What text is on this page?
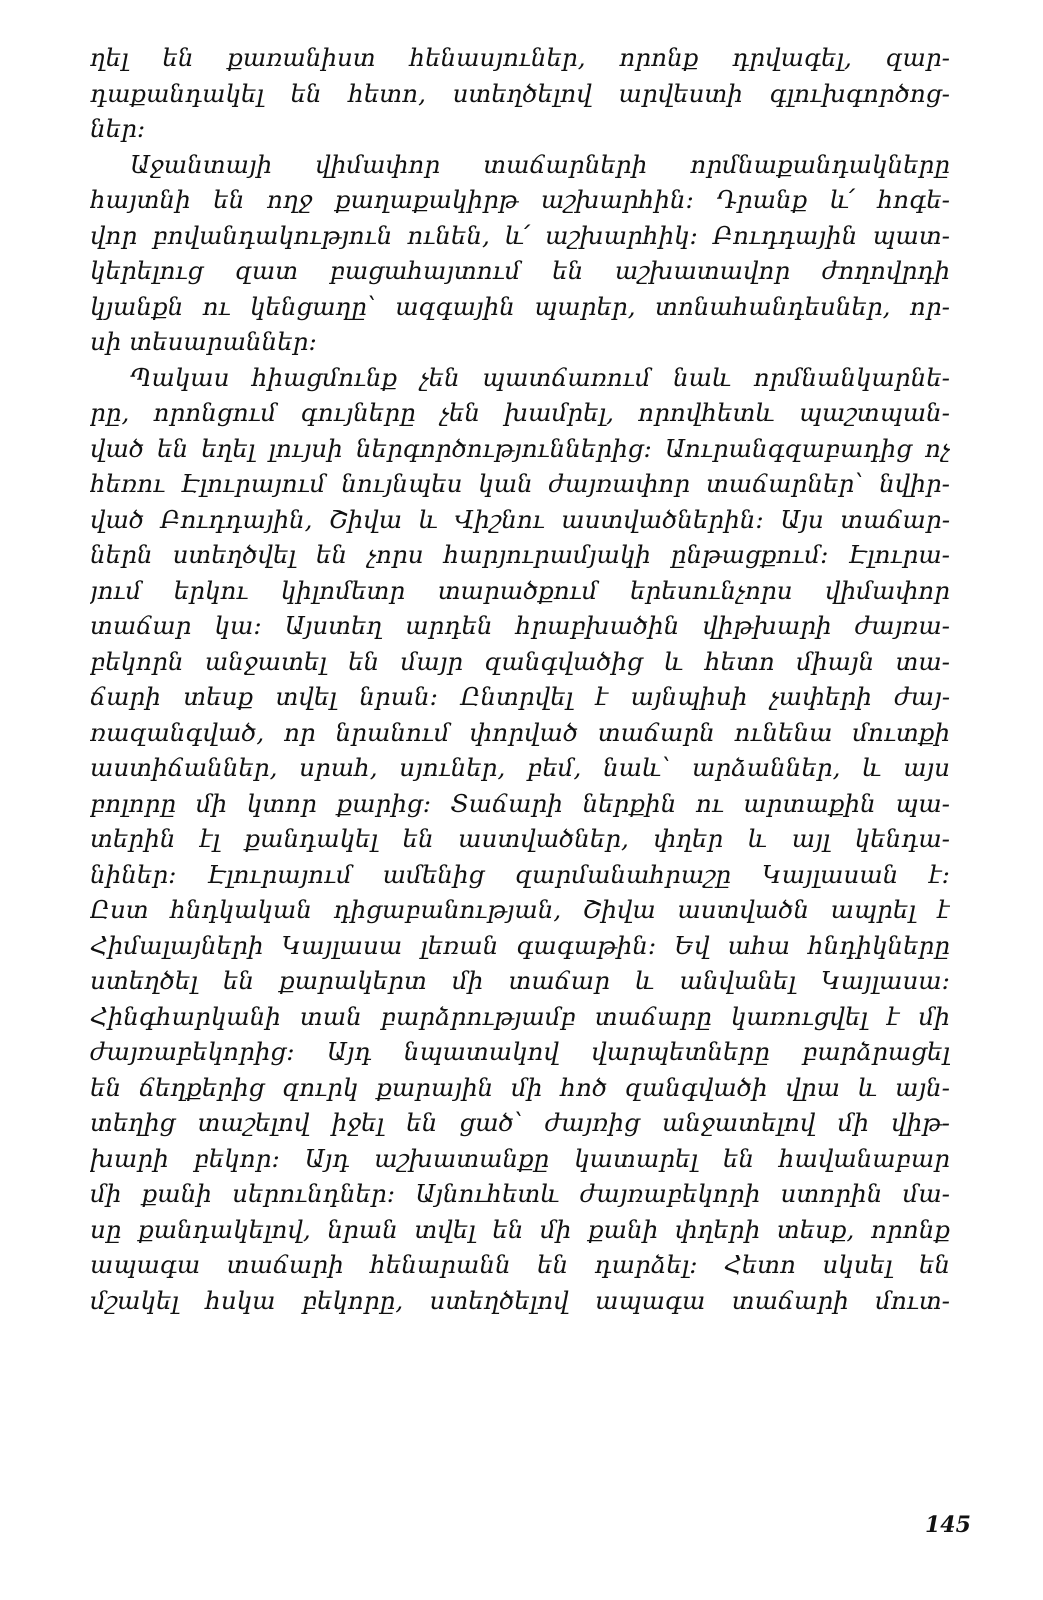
ղել են քառանիստ հենասյուներ, որոնք դրվագել, զար-
դաքանդակել են հետո, ստեղծելով արվեստի գլուխգործոց-
ներ։
Աջանտայի վիմափոր տաճարների որմնաքանդակները
հայտնի են ողջ քաղաքակիրթ աշխարհին։ Դրանք և՛ հոգե-
վոր բովանդակություն ունեն, և՛ աշխարհիկ։ Բուդդային պատ-
կերելուց զատ բացահայտում են աշխատավոր ժողովրդի
կյանքն ու կենցաղը՝ ազգային պարեր, տոնահանդեսներ, որ-
սի տեսարաններ։
Պակաս հիացմունք չեն պատճառում նաև որմնանկարնե-
րը, որոնցում գույները չեն խամրել, որովհետև պաշտպան-
ված են եղել լույսի ներգործություններից։ Աուրանգզաբադից ոչ
հեռու Էլուրայում նույնպես կան ժայռափոր տաճարներ՝ նվիր-
ված Բուդդային, Շիվա և Վիշնու աստվածներին։ Այս տաճար-
ներն ստեղծվել են չորս հարյուրամյակի ընթացքում։ Էլուրա-
յում երկու կիլոմետր տարածքում երեսունչորս վիմափոր
տաճար կա։ Այստեղ արդեն հրաբխածին վիթխարի ժայռա-
բեկորն անջատել են մայր զանգվածից և հետո միայն տա-
ճարի տեսք տվել նրան։ Ընտրվել է այնպիսի չափերի ժայ-
ռազանգված, որ նրանում փորված տաճարն ունենա մուտքի
աստիճաններ, սրահ, սյուներ, բեմ, նաև՝ արձաններ, և այս
բոլորը մի կտոր քարից։ Տաճարի ներքին ու արտաքին պա-
տերին էլ քանդակել են աստվածներ, փղեր և այլ կենդա-
նիներ։ Էլուրայում ամենից զարմանահրաշը Կայլասան է։
Ըստ հնդկական դիցաբանության, Շիվա աստվածն ապրել է
Հիմալայների Կայլասա լեռան գագաթին։ Եվ ահա հնդիկները
ստեղծել են քարակերտ մի տաճար և անվանել Կայլասա։
Հինգհարկանի տան բարձրությամբ տաճարը կառուցվել է մի
ժայռաբեկորից։ Այդ նպատակով վարպետները բարձրացել
են ճեղքերից զուրկ քարային մի հոծ զանգվածի վրա և այն-
տեղից տաշելով իջել են ցած՝ ժայռից անջատելով մի վիթ-
խարի բեկոր։ Այդ աշխատանքը կատարել են հավանաբար
մի քանի սերունդներ։ Այնուհետև ժայռաբեկորի ստորին մա-
սը քանդակելով, նրան տվել են մի քանի փղերի տեսք, որոնք
ապագա տաճարի հենարանն են դարձել։ Հետո սկսել են
մշակել հսկա բեկորը, ստեղծելով ապագա տաճարի մուտ-
145
